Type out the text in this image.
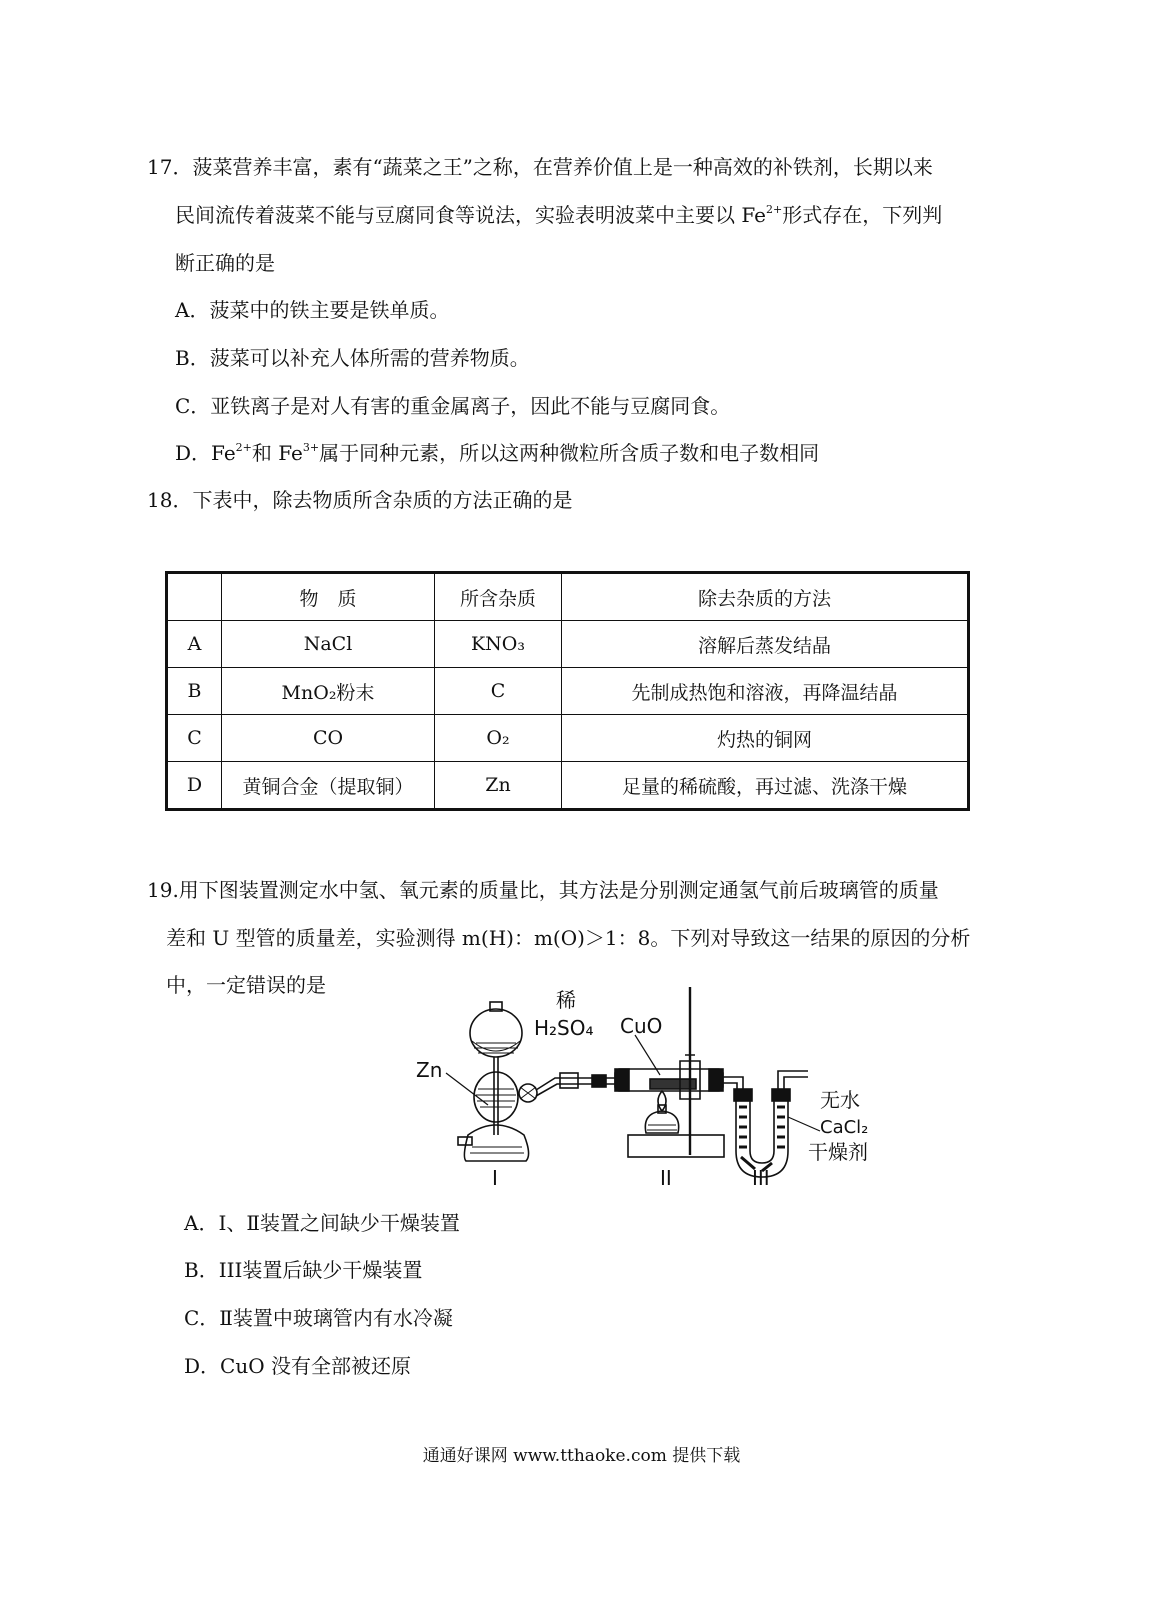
17．菠菜营养丰富，素有“蔬菜之王”之称，在营养价值上是一种高效的补铁剂，长期以来
民间流传着菠菜不能与豆腐同食等说法，实验表明波菜中主要以 $Fe^{2+}$形式存在，下列判
断正确的是
A．菠菜中的铁主要是铁单质。
B．菠菜可以补充人体所需的营养物质。
C．亚铁离子是对人有害的重金属离子，因此不能与豆腐同食。
D．$Fe^{2+}$和 $Fe^{3+}$属于同种元素，所以这两种微粒所含质子数和电子数相同
18．下表中，除去物质所含杂质的方法正确的是
	物　质	所含杂质	除去杂质的方法
A	NaCl	KNO₃	溶解后蒸发结晶
B	MnO₂粉末	C	先制成热饱和溶液，再降温结晶
C	CO	O₂	灼热的铜网
D	黄铜合金（提取铜）	Zn	足量的稀硫酸，再过滤、洗涤干燥
19.用下图装置测定水中氢、氧元素的质量比，其方法是分别测定通氢气前后玻璃管的质量
差和 U 型管的质量差，实验测得 m(H)：m(O)＞1：8。下列对导致这一结果的原因的分析
中，一定错误的是
稀
H₂SO₄ CuO
Zn
无水
CaCl₂
干燥剂
I	II	III
A．Ⅰ、Ⅱ装置之间缺少干燥装置
B．III装置后缺少干燥装置
C．Ⅱ装置中玻璃管内有水冷凝
D．CuO 没有全部被还原
通通好课网 www.tthaoke.com 提供下载
